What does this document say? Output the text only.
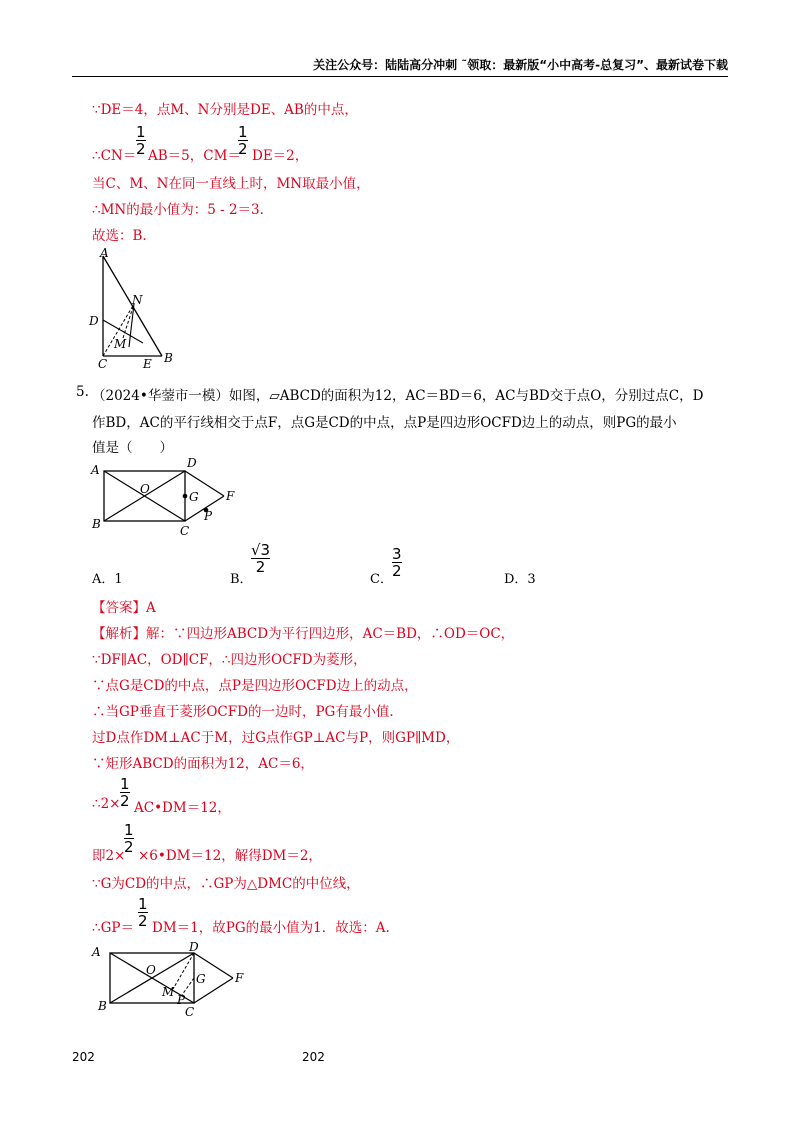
关注公众号：陆陆高分冲刺 ˜领取：最新版“小中高考-总复习”、最新试卷下载
∵DE＝4，点M、N分别是DE、AB的中点，
$\frac{1}{2}$
∴CN＝ AB＝5，CM＝
$\frac{1}{2} DE=2$，
当C、M、N在同一直线上时，MN取最小值，
∴MN的最小值为：5 - 2＝3.
故选：B.
A
N
D
M
C	E B
5. （2024•华蓥市一模）如图，▱ABCD的面积为12，AC＝BD＝6，AC与BD交于点O，分别过点C，D
作BD，AC的平行线相交于点F，点G是CD的中点，点P是四边形OCFD边上的动点，则PG的最小
值是（　　）
A	D
O
G F
P
B	C
A．1	B．
$\frac{√3}{2}$
C．
$\frac{3}{2}$
D．3
【答案】A
【解析】解：∵四边形ABCD为平行四边形，AC＝BD，∴OD＝OC，
∵DF∥AC，OD∥CF，∴四边形OCFD为菱形，
∵点G是CD的中点，点P是四边形OCFD边上的动点，
∴当GP垂直于菱形OCFD的一边时，PG有最小值.
过D点作DM⊥AC于M，过G点作GP⊥AC与P，则GP∥MD，
∵矩形ABCD的面积为12，AC＝6，
$\frac{1}{2}$
∴2× AC•DM＝12，
$\frac{1}{2}$
即2× ×6•DM＝12，解得DM＝2，
∵G为CD的中点，∴GP为△DMC的中位线，
$\frac{1}{2}$
∴GP＝ DM＝1，故PG的最小值为1．故选：A.
A	D
O
G F
M
P
B	C
202	202
